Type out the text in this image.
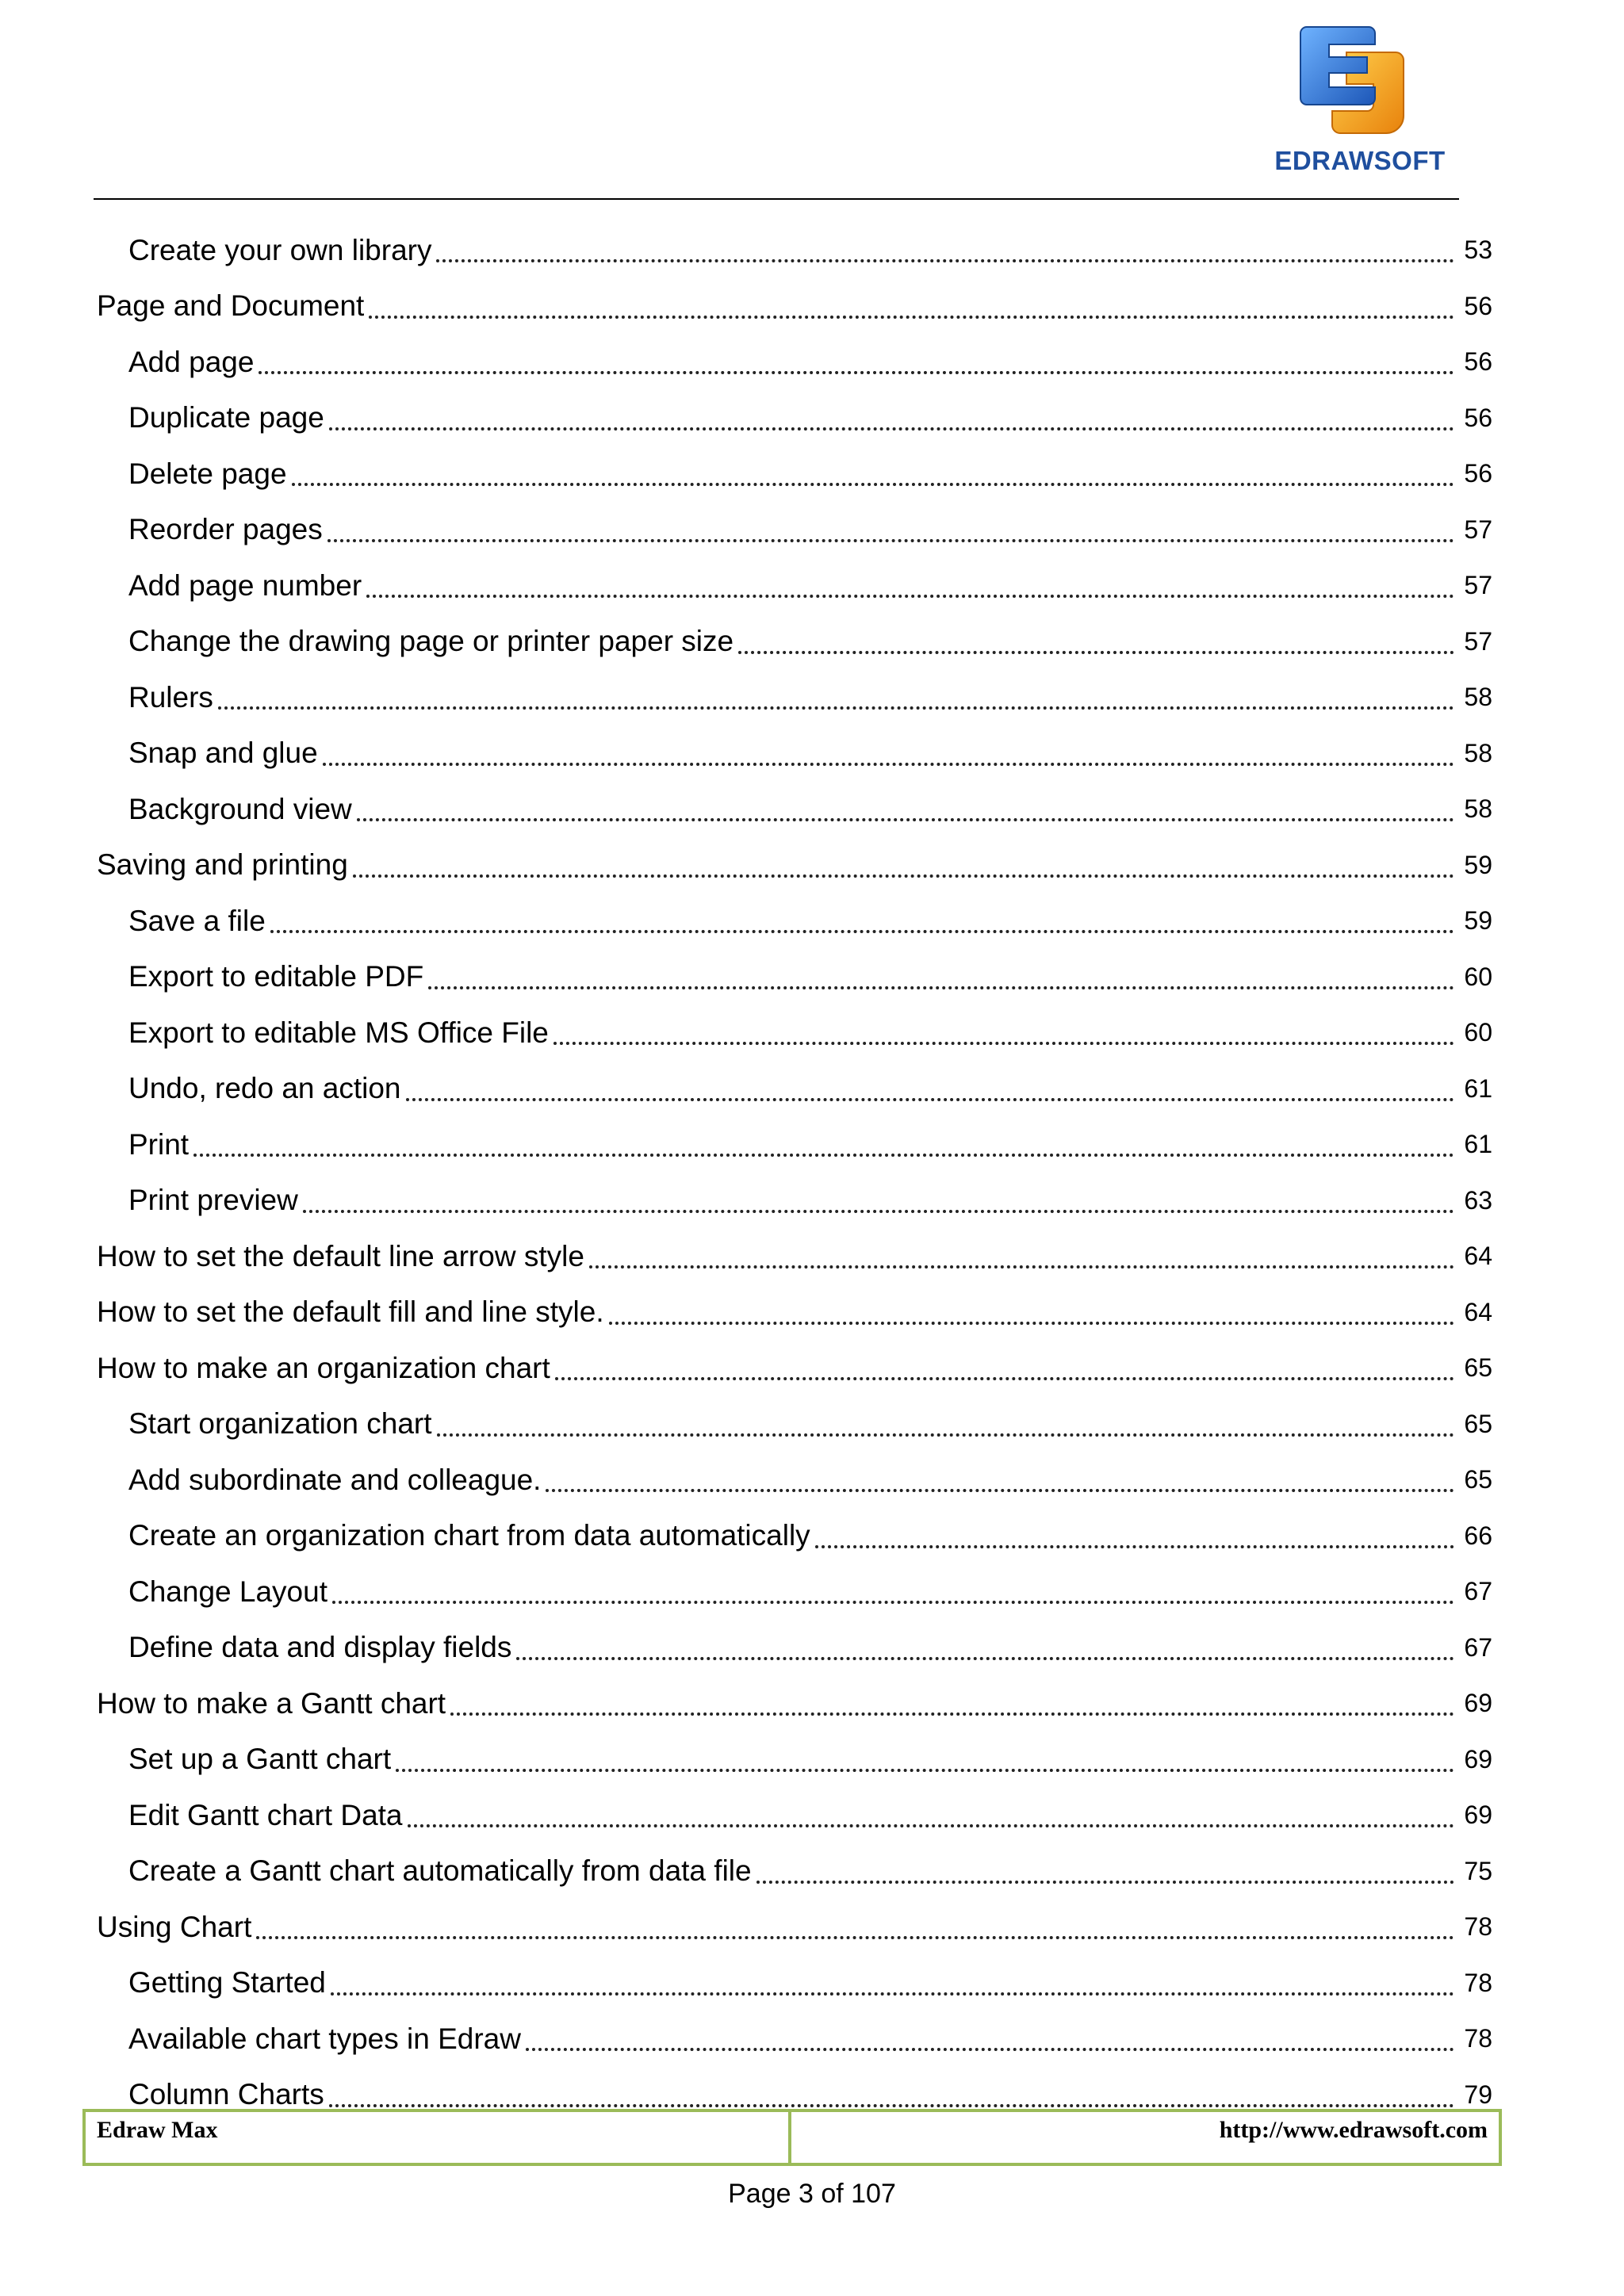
EDRAWSOFT
Create your own library	53
Page and Document	56
Add page	56
Duplicate page	56
Delete page	56
Reorder pages	57
Add page number	57
Change the drawing page or printer paper size	57
Rulers	58
Snap and glue	58
Background view	58
Saving and printing	59
Save a file	59
Export to editable PDF	60
Export to editable MS Office File	60
Undo, redo an action	61
Print	61
Print preview	63
How to set the default line arrow style	64
How to set the default fill and line style.	64
How to make an organization chart	65
Start organization chart	65
Add subordinate and colleague.	65
Create an organization chart from data automatically	66
Change Layout	67
Define data and display fields	67
How to make a Gantt chart	69
Set up a Gantt chart	69
Edit Gantt chart Data	69
Create a Gantt chart automatically from data file	75
Using Chart	78
Getting Started	78
Available chart types in Edraw	78
Column Charts	79
Edraw Max	http://www.edrawsoft.com
Page 3 of 107
